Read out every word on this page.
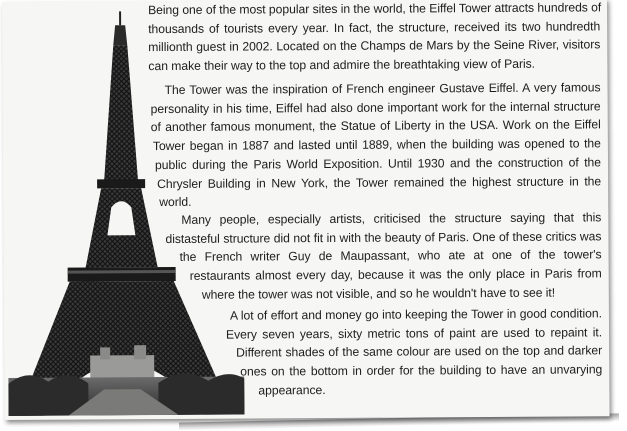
Being one of the most popular sites in the world, the Eiffel Tower attracts hundreds of
thousands of tourists every year. In fact, the structure, received its two hundredth
millionth guest in 2002. Located on the Champs de Mars by the Seine River, visitors
can make their way to the top and admire the breathtaking view of Paris.
The Tower was the inspiration of French engineer Gustave Eiffel. A very famous
personality in his time, Eiffel had also done important work for the internal structure
of another famous monument, the Statue of Liberty in the USA. Work on the Eiffel
Tower began in 1887 and lasted until 1889, when the building was opened to the
public during the Paris World Exposition. Until 1930 and the construction of the
Chrysler Building in New York, the Tower remained the highest structure in the
world.
Many people, especially artists, criticised the structure saying that this
distasteful structure did not fit in with the beauty of Paris. One of these critics was
the French writer Guy de Maupassant, who ate at one of the tower's
restaurants almost every day, because it was the only place in Paris from
where the tower was not visible, and so he wouldn't have to see it!
A lot of effort and money go into keeping the Tower in good condition.
Every seven years, sixty metric tons of paint are used to repaint it.
Different shades of the same colour are used on the top and darker
ones on the bottom in order for the building to have an unvarying
appearance.
